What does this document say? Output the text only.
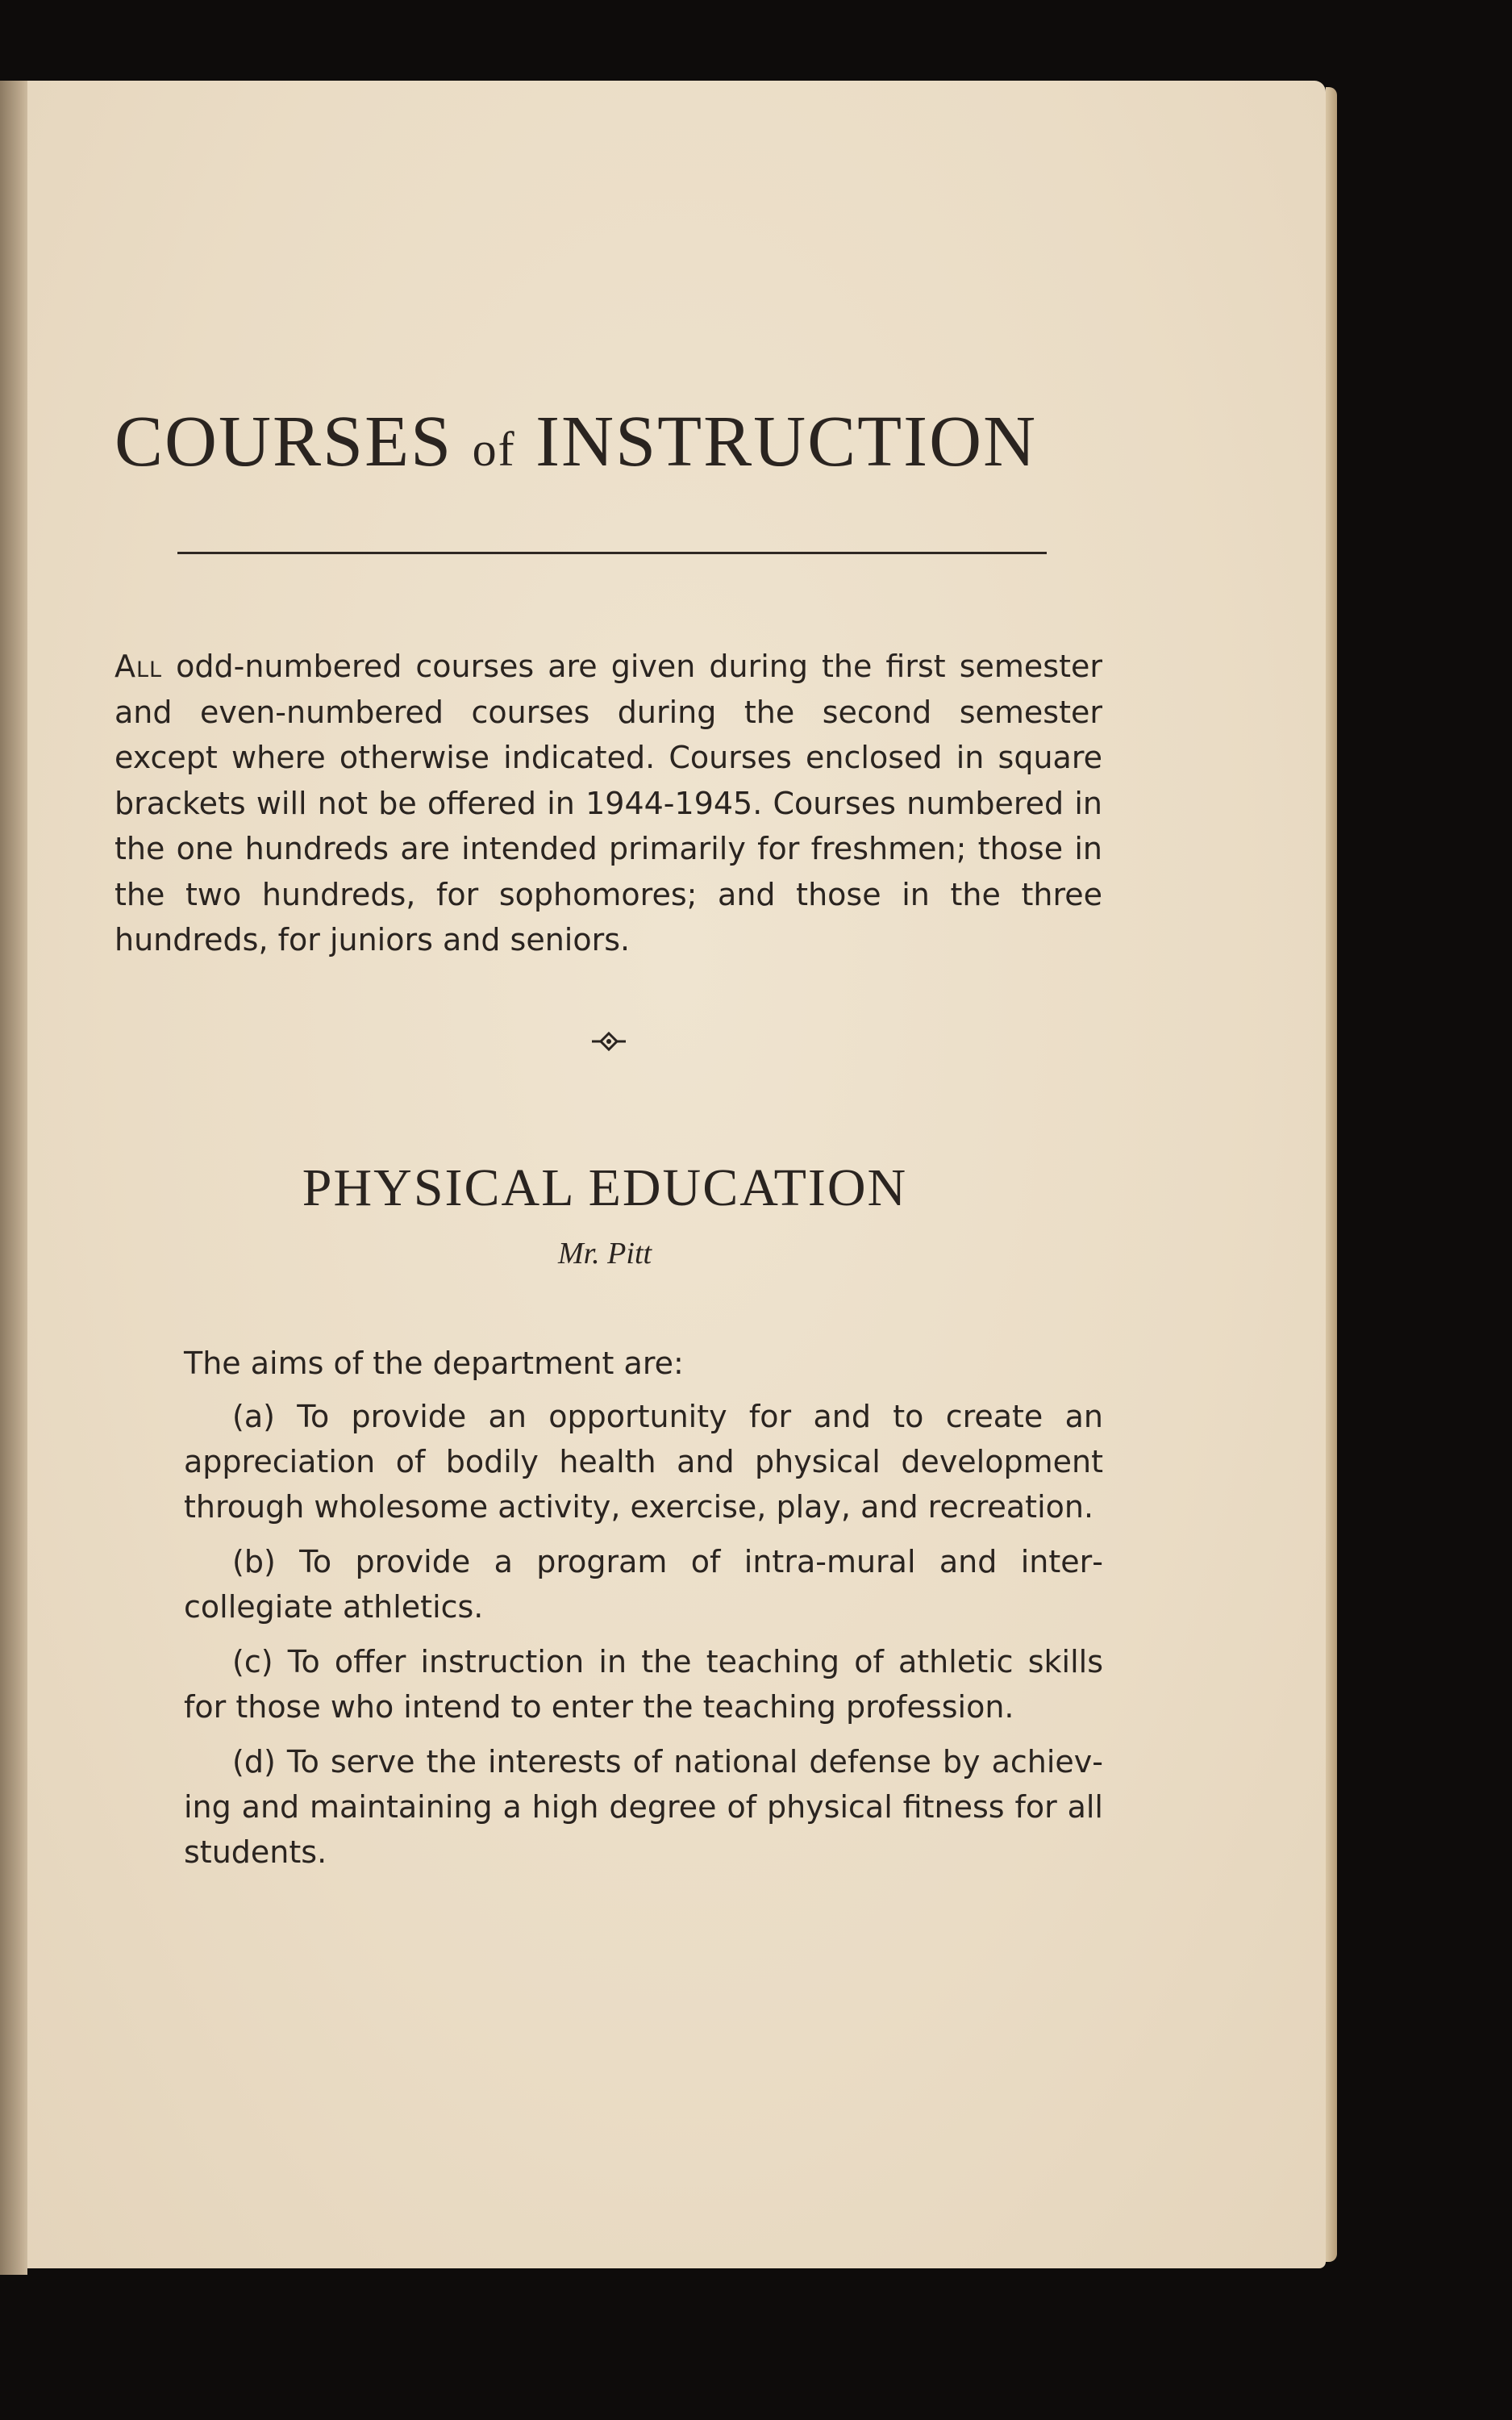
COURSES of INSTRUCTION

All odd-numbered courses are given during the first semester and even-numbered courses during the second semester except where otherwise indicated. Courses enclosed in square brackets will not be offered in 1944-1945. Courses numbered in the one hundreds are intended primarily for freshmen; those in the two hundreds, for sophomores; and those in the three hundreds, for juniors and seniors.

PHYSICAL EDUCATION
Mr. Pitt

The aims of the department are:

(a) To provide an opportunity for and to create an appreciation of bodily health and physical development through wholesome activity, exercise, play, and recreation.

(b) To provide a program of intra-mural and intercollegiate athletics.

(c) To offer instruction in the teaching of athletic skills for those who intend to enter the teaching profession.

(d) To serve the interests of national defense by achieving and maintaining a high degree of physical fitness for all students.
